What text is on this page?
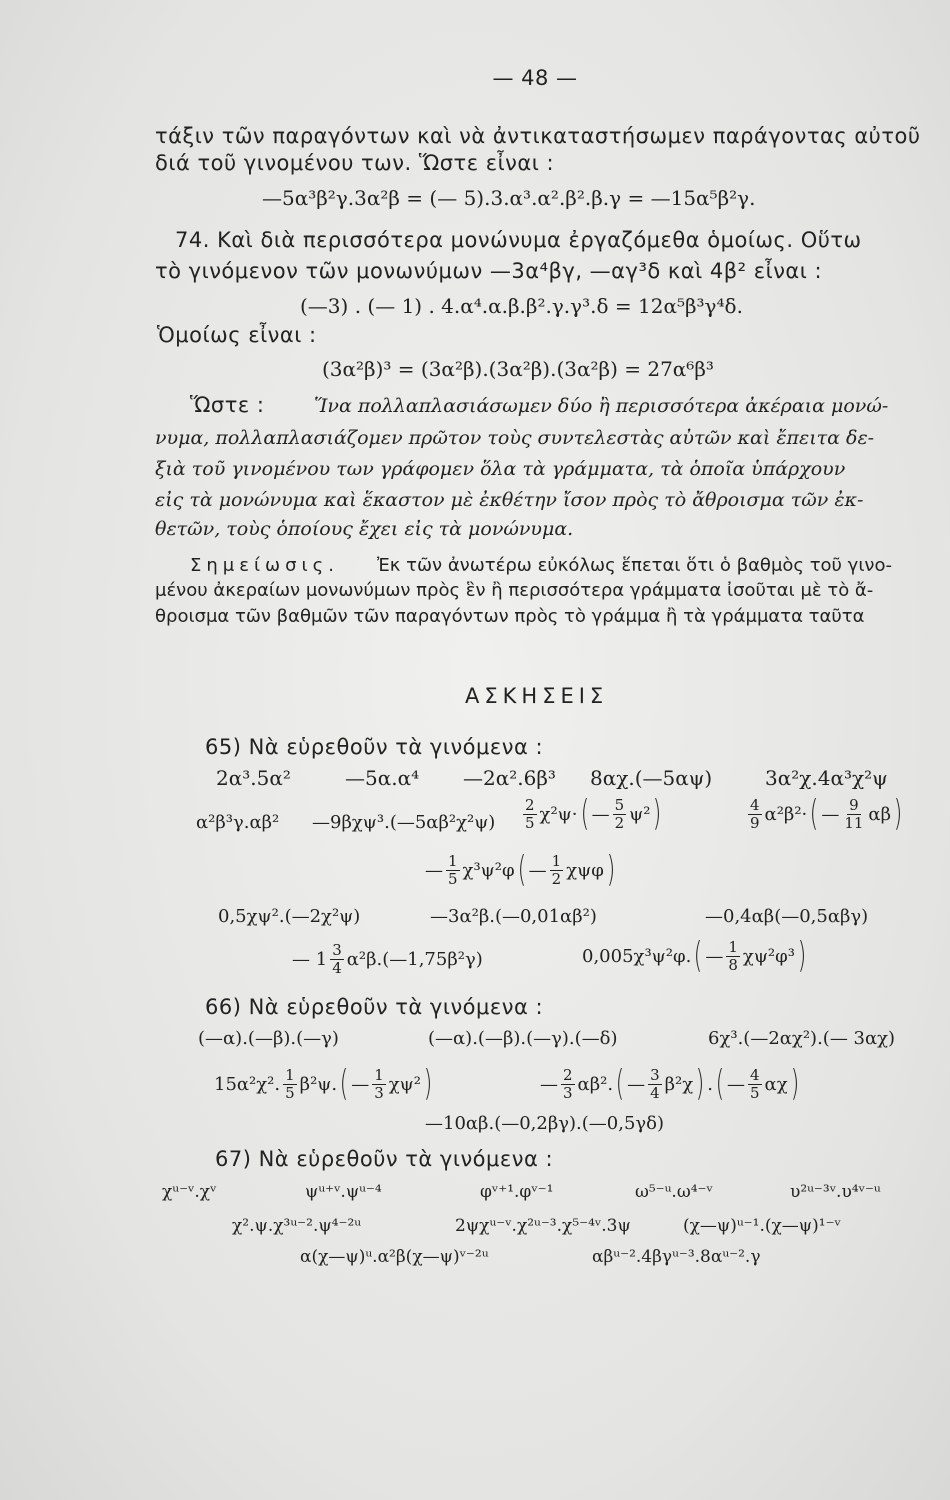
— 48 —
τάξιν τῶν παραγόντων καὶ νὰ ἀντικαταστήσωμεν παράγοντας αὐτοῦ
διά τοῦ γινομένου των. Ὥστε εἶναι :
—5α³β²γ.3α²β = (— 5).3.α³.α².β².β.γ = —15α⁵β²γ.
74. Καὶ διὰ περισσότερα μονώνυμα ἐργαζόμεθα ὁμοίως. Οὕτω
τὸ γινόμενον τῶν μονωνύμων —3α⁴βγ, —αγ³δ καὶ 4β² εἶναι :
(—3) . (— 1) . 4.α⁴.α.β.β².γ.γ³.δ = 12α⁵β³γ⁴δ.
Ὁμοίως εἶναι :
(3α²β)³ = (3α²β).(3α²β).(3α²β) = 27α⁶β³
Ὥστε :	Ἵνα πολλαπλασιάσωμεν δύο ἢ περισσότερα ἀκέραια μονώ-
νυμα, πολλαπλασιάζομεν πρῶτον τοὺς συντελεστὰς αὐτῶν καὶ ἔπειτα δε-
ξιὰ τοῦ γινομένου των γράφομεν ὅλα τὰ γράμματα, τὰ ὁποῖα ὑπάρχουν
εἰς τὰ μονώνυμα καὶ ἕκαστον μὲ ἐκθέτην ἴσον πρὸς τὸ ἄθροισμα τῶν ἐκ-
θετῶν, τοὺς ὁποίους ἔχει εἰς τὰ μονώνυμα.
Σημείωσις. Ἐκ τῶν ἀνωτέρω εὐκόλως ἕπεται ὅτι ὁ βαθμὸς τοῦ γινο-
μένου ἀκεραίων μονωνύμων πρὸς ἓν ἢ περισσότερα γράμματα ἰσοῦται μὲ τὸ ἄ-
θροισμα τῶν βαθμῶν τῶν παραγόντων πρὸς τὸ γράμμα ἢ τὰ γράμματα ταῦτα
ΑΣΚΗΣΕΙΣ
65) Νὰ εὑρεθοῦν τὰ γινόμενα :
2α³.5α²	—5α.α⁴ —2α².6β³ 8αχ.(—5αψ)	3α²χ.4α³χ²ψ
α²β³γ.αβ² —9βχψ³.(—5αβ²χ²ψ) $\frac{2}{5} \chi^2\psi$ · ( — $\frac{5}{2} \psi^2$ )	$\frac{4}{9} \alpha^2\beta^2$ · ( — $\frac{9}{11}$ αβ )
— $\frac{1}{5} \chi^3\psi^2\varphi$ ( — $\frac{1}{2}$ χψφ )
0,5χψ².(—2χ²ψ)	—3α²β.(—0,01αβ²)	—0,4αβ(—0,5αβγ)
— $1 \frac{3}{4}$ α²β.(—1,75β²γ)	0,005χ³ψ²φ. ( — $\frac{1}{8} \chi\psi^2\varphi^3$ )
66) Νὰ εὑρεθοῦν τὰ γινόμενα :
(—α).(—β).(—γ)	(—α).(—β).(—γ).(—δ)	6χ³.(—2αχ²).(— 3αχ)
15α²χ². $\frac{1}{5} \beta^2\psi$. ( — $\frac{1}{3} \chi\psi^2$ )	— $\frac{2}{3} \alpha\beta^2$. ( — $\frac{3}{4} \beta^2\chi$ ) . ( — $\frac{4}{5}$ αχ )
—10αβ.(—0,2βγ).(—0,5γδ)
67) Νὰ εὑρεθοῦν τὰ γινόμενα :
χᵘ⁻ᵛ.χᵛ	ψᵘ⁺ᵛ.ψᵘ⁻⁴	φᵛ⁺¹.φᵛ⁻¹	ω⁵⁻ᵘ.ω⁴⁻ᵛ	υ²ᵘ⁻³ᵛ.υ⁴ᵛ⁻ᵘ
χ².ψ.χ³ᵘ⁻².ψ⁴⁻²ᵘ	2ψχᵘ⁻ᵛ.χ²ᵘ⁻³.χ⁵⁻⁴ᵛ.3ψ	(χ—ψ)ᵘ⁻¹.(χ—ψ)¹⁻ᵛ
α(χ—ψ)ᵘ.α²β(χ—ψ)ᵛ⁻²ᵘ	αβᵘ⁻².4βγᵘ⁻³.8αᵘ⁻².γ
